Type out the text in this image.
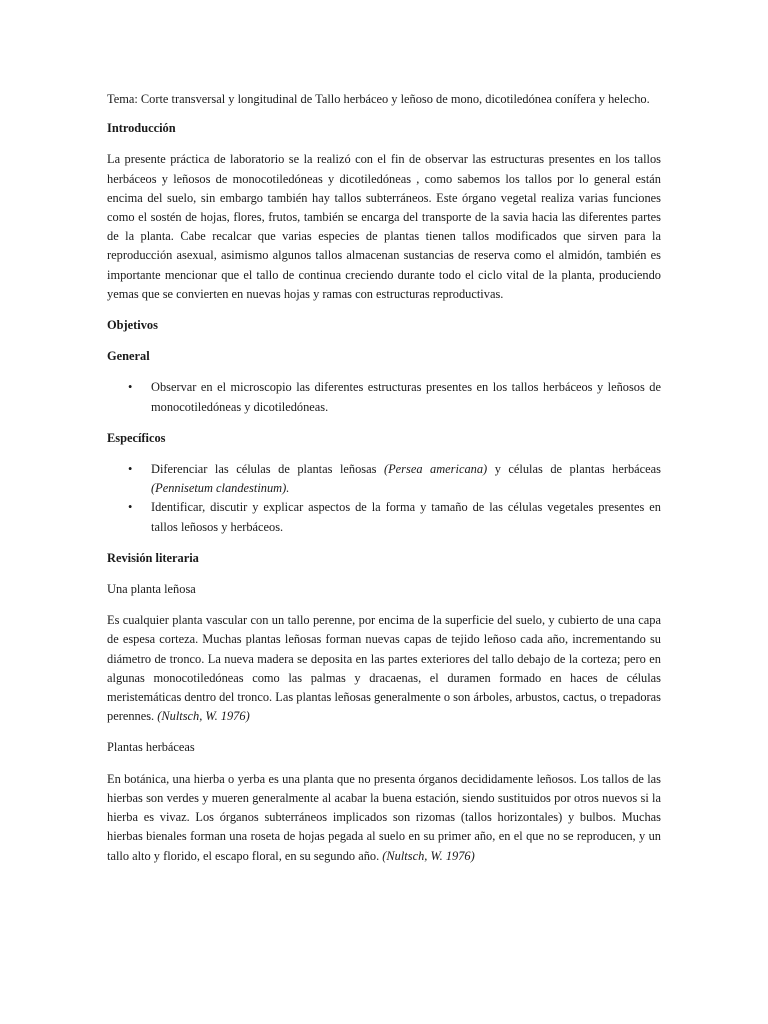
Tema: Corte transversal y longitudinal de Tallo herbáceo y leñoso de mono, dicotiledónea conífera y helecho.

Introducción

La presente práctica de laboratorio se la realizó con el fin de observar las estructuras presentes en los tallos herbáceos y leñosos de monocotiledóneas y dicotiledóneas , como sabemos los tallos por lo general están encima del suelo, sin embargo también hay tallos subterráneos. Este órgano vegetal realiza varias funciones como el sostén de hojas, flores, frutos, también se encarga del transporte de la savia hacia las diferentes partes de la planta. Cabe recalcar que varias especies de plantas tienen tallos modificados que sirven para la reproducción asexual, asimismo algunos tallos almacenan sustancias de reserva como el almidón, también es importante mencionar que el tallo de continua creciendo durante todo el ciclo vital de la planta, produciendo yemas que se convierten en nuevas hojas y ramas con estructuras reproductivas.

Objetivos

General

• Observar en el microscopio las diferentes estructuras presentes en los tallos herbáceos y leñosos de monocotiledóneas y dicotiledóneas.

Específicos

• Diferenciar las células de plantas leñosas (Persea americana) y células de plantas herbáceas (Pennisetum clandestinum).
• Identificar, discutir y explicar aspectos de la forma y tamaño de las células vegetales presentes en tallos leñosos y herbáceos.

Revisión literaria

Una planta leñosa

Es cualquier planta vascular con un tallo perenne, por encima de la superficie del suelo, y cubierto de una capa de espesa corteza. Muchas plantas leñosas forman nuevas capas de tejido leñoso cada año, incrementando su diámetro de tronco. La nueva madera se deposita en las partes exteriores del tallo debajo de la corteza; pero en algunas monocotiledóneas como las palmas y dracaenas, el duramen formado en haces de células meristemáticas dentro del tronco. Las plantas leñosas generalmente o son árboles, arbustos, cactus, o trepadoras perennes. (Nultsch, W. 1976)

Plantas herbáceas

En botánica, una hierba o yerba es una planta que no presenta órganos decididamente leñosos. Los tallos de las hierbas son verdes y mueren generalmente al acabar la buena estación, siendo sustituidos por otros nuevos si la hierba es vivaz. Los órganos subterráneos implicados son rizomas (tallos horizontales) y bulbos. Muchas hierbas bienales forman una roseta de hojas pegada al suelo en su primer año, en el que no se reproducen, y un tallo alto y florido, el escapo floral, en su segundo año. (Nultsch, W. 1976)
